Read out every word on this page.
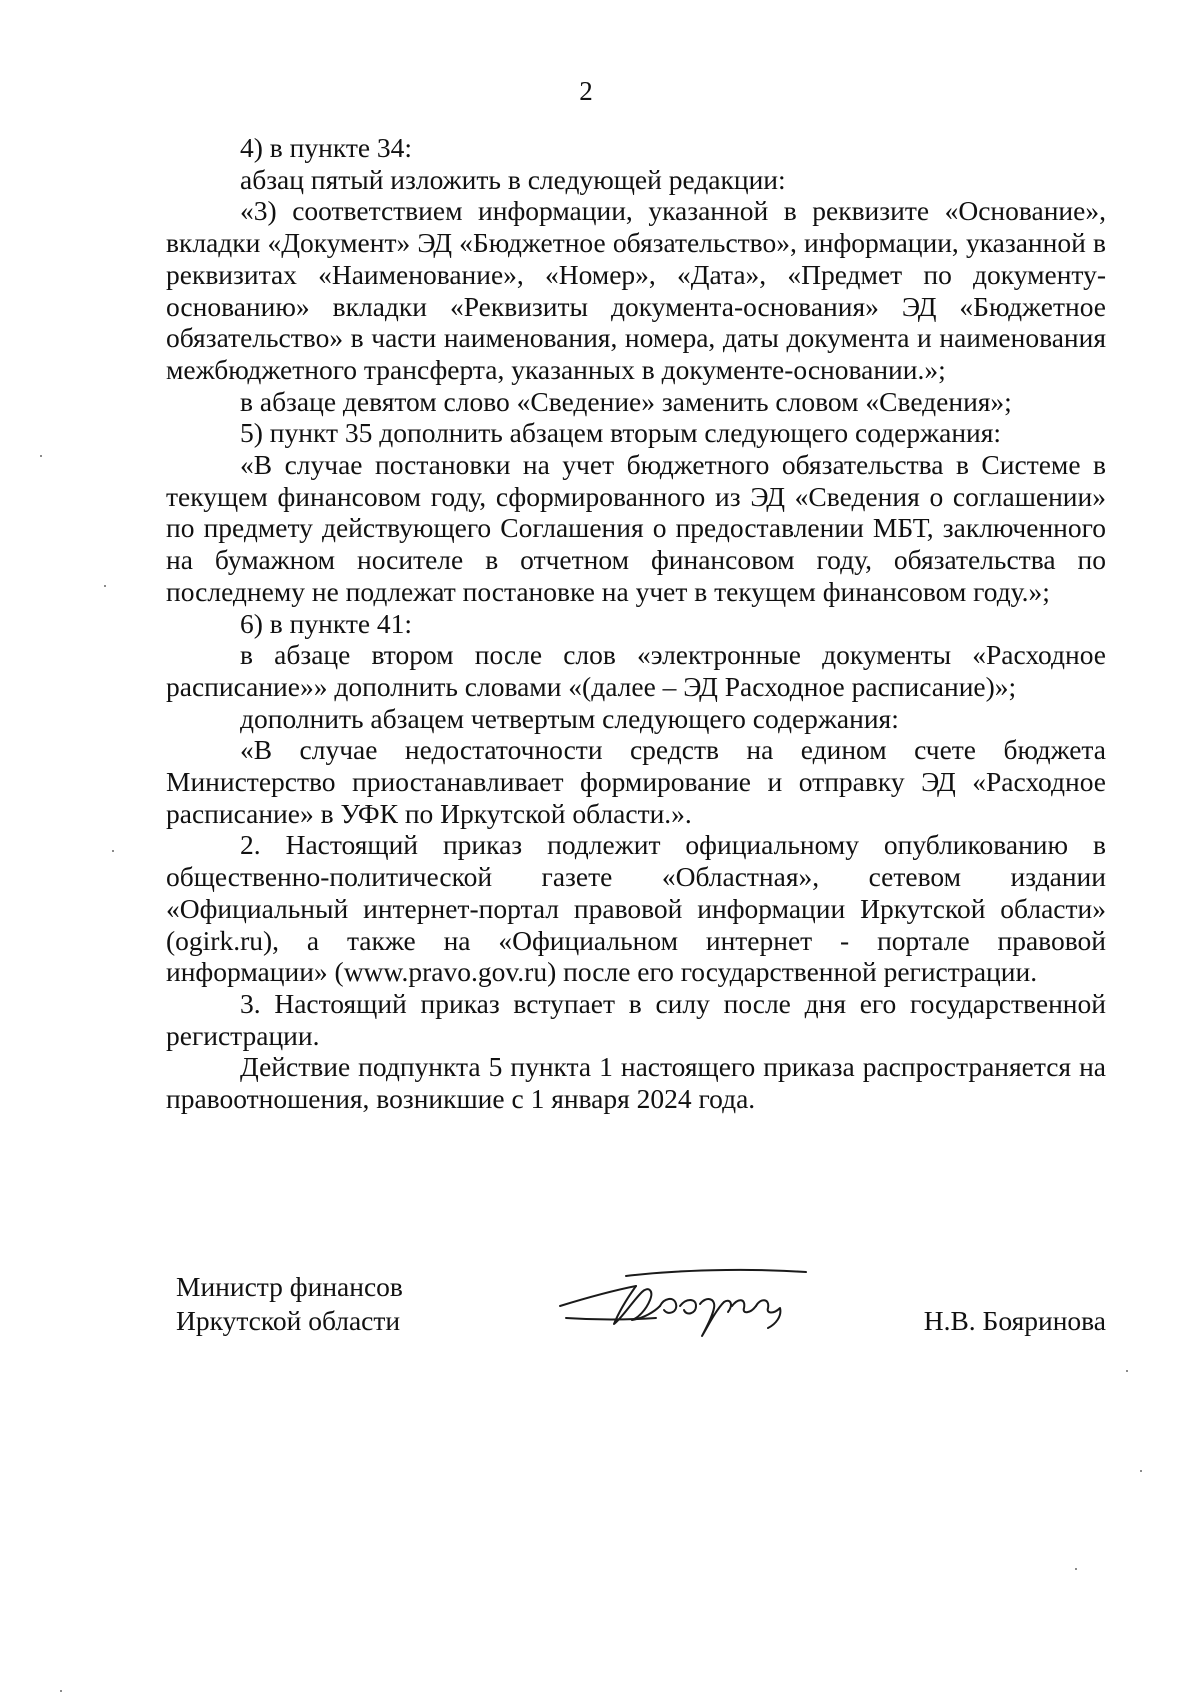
2

4) в пункте 34:

абзац пятый изложить в следующей редакции:

«3) соответствием информации, указанной в реквизите «Основание», вкладки «Документ» ЭД «Бюджетное обязательство», информации, указанной в реквизитах «Наименование», «Номер», «Дата», «Предмет по документу-основанию» вкладки «Реквизиты документа-основания» ЭД «Бюджетное обязательство» в части наименования, номера, даты документа и наименования межбюджетного трансферта, указанных в документе-основании.»;

в абзаце девятом слово «Сведение» заменить словом «Сведения»;

5) пункт 35 дополнить абзацем вторым следующего содержания:

«В случае постановки на учет бюджетного обязательства в Системе в текущем финансовом году, сформированного из ЭД «Сведения о соглашении» по предмету действующего Соглашения о предоставлении МБТ, заключенного на бумажном носителе в отчетном финансовом году, обязательства по последнему не подлежат постановке на учет в текущем финансовом году.»;

6) в пункте 41:

в абзаце втором после слов «электронные документы «Расходное расписание»» дополнить словами «(далее – ЭД Расходное расписание)»;

дополнить абзацем четвертым следующего содержания:

«В случае недостаточности средств на едином счете бюджета Министерство приостанавливает формирование и отправку ЭД «Расходное расписание» в УФК по Иркутской области.».

2. Настоящий приказ подлежит официальному опубликованию в общественно-политической газете «Областная», сетевом издании «Официальный интернет-портал правовой информации Иркутской области» (ogirk.ru), а также на «Официальном интернет - портале правовой информации» (www.pravo.gov.ru) после его государственной регистрации.

3. Настоящий приказ вступает в силу после дня его государственной регистрации.

Действие подпункта 5 пункта 1 настоящего приказа распространяется на правоотношения, возникшие с 1 января 2024 года.

Министр финансов
Иркутской области	Н.В. Бояринова
